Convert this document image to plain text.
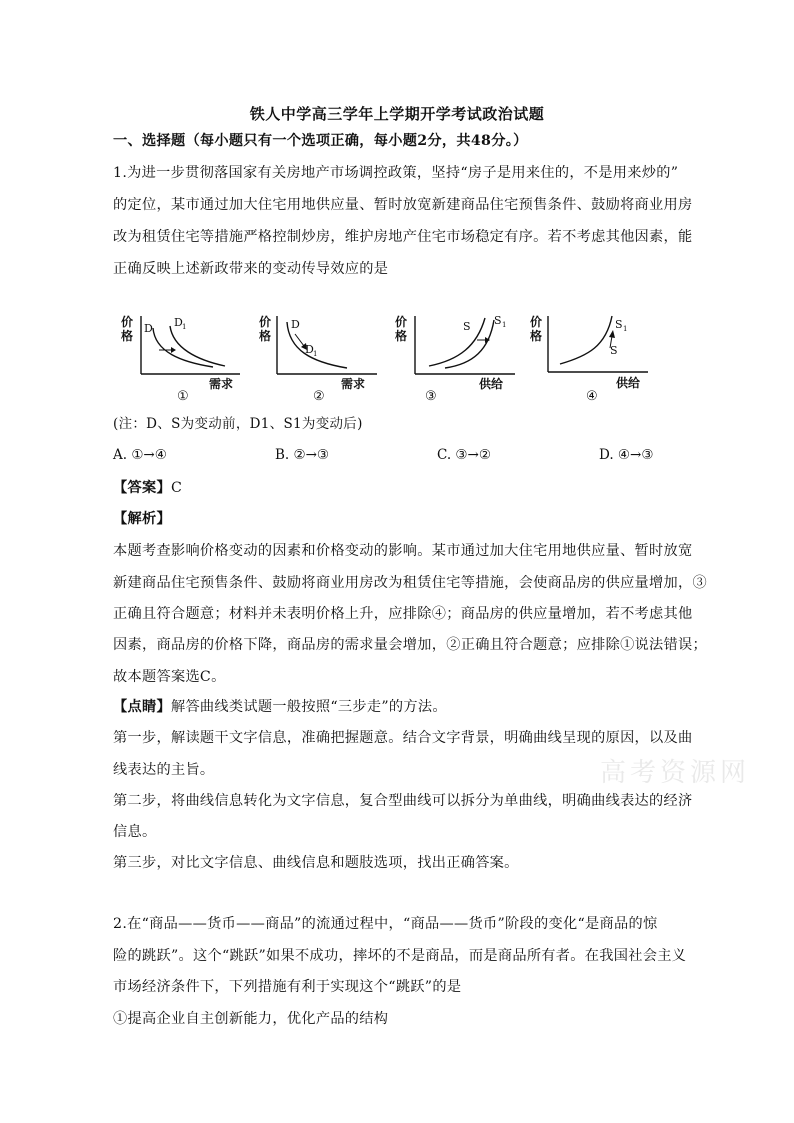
铁人中学高三学年上学期开学考试政治试题
一、选择题（每小题只有一个选项正确，每小题2分，共48分。）
1.为进一步贯彻落国家有关房地产市场调控政策，坚持“房子是用来住的，不是用来炒的”
的定位，某市通过加大住宅用地供应量、暂时放宽新建商品住宅预售条件、鼓励将商业用房
改为租赁住宅等措施严格控制炒房，维护房地产住宅市场稳定有序。若不考虑其他因素，能
正确反映上述新政带来的变动传导效应的是
价
格
D D 1
需求
①
价
格
D
D 1
需求
②
价
格
S S 1
供给
③
价
格
S 1
S
供给
④
(注：D、S为变动前，D1、S1为变动后)
A. ①→④	B. ②→③	C. ③→②	D. ④→③
【答案】C
【解析】
本题考查影响价格变动的因素和价格变动的影响。某市通过加大住宅用地供应量、暂时放宽
新建商品住宅预售条件、鼓励将商业用房改为租赁住宅等措施，会使商品房的供应量增加，③
正确且符合题意；材料并未表明价格上升，应排除④；商品房的供应量增加，若不考虑其他
因素，商品房的价格下降，商品房的需求量会增加，②正确且符合题意；应排除①说法错误；
故本题答案选C。
【点睛】解答曲线类试题一般按照“三步走”的方法。
第一步，解读题干文字信息，准确把握题意。结合文字背景，明确曲线呈现的原因，以及曲
线表达的主旨。
第二步，将曲线信息转化为文字信息，复合型曲线可以拆分为单曲线，明确曲线表达的经济
信息。
第三步，对比文字信息、曲线信息和题肢选项，找出正确答案。
2.在“商品——货币——商品”的流通过程中，“商品——货币”阶段的变化“是商品的惊
险的跳跃”。这个“跳跃”如果不成功，摔坏的不是商品，而是商品所有者。在我国社会主义
市场经济条件下，下列措施有利于实现这个“跳跃”的是
①提高企业自主创新能力，优化产品的结构
高考资源网
